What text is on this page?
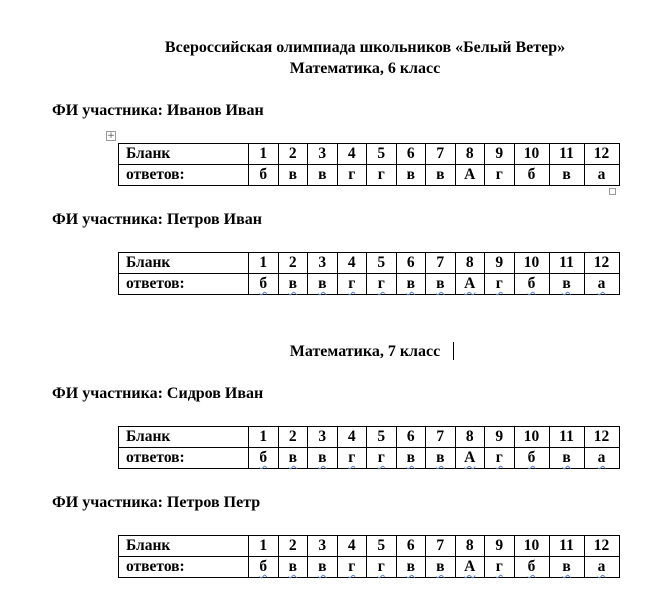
Всероссийская олимпиада школьников «Белый Ветер»
Математика, 6 класс
ФИ участника: Иванов Иван
+
Бланк	1	2	3	4	5	6	7	8	9	10	11	12
ответов:	б	в	в	г	г	в	в	А	г	б	в	а
ФИ участника: Петров Иван
Бланк	1	2	3	4	5	6	7	8	9	10	11	12
ответов:	б	в	в	г	г	в	в	А	г	б	в	а
Математика, 7 класс
ФИ участника: Сидров Иван
Бланк	1	2	3	4	5	6	7	8	9	10	11	12
ответов:	б	в	в	г	г	в	в	А	г	б	в	а
ФИ участника: Петров Петр
Бланк	1	2	3	4	5	6	7	8	9	10	11	12
ответов:	б	в	в	г	г	в	в	А	г	б	в	а
